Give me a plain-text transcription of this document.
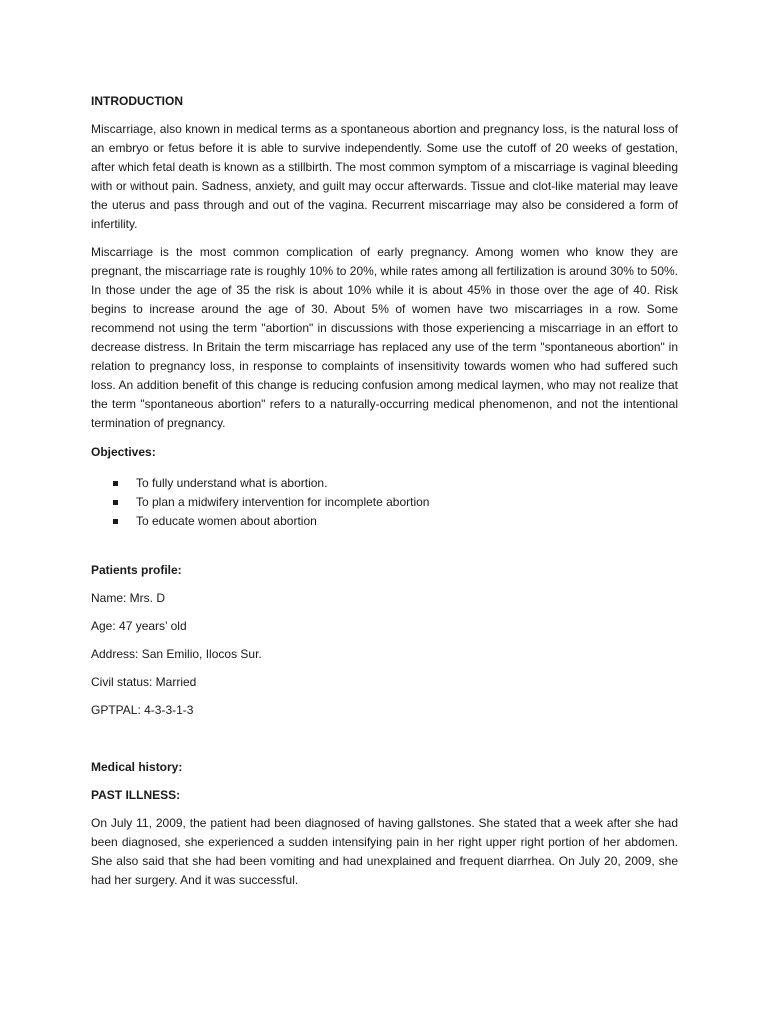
INTRODUCTION

Miscarriage, also known in medical terms as a spontaneous abortion and pregnancy loss, is the natural loss of an embryo or fetus before it is able to survive independently. Some use the cutoff of 20 weeks of gestation, after which fetal death is known as a stillbirth. The most common symptom of a miscarriage is vaginal bleeding with or without pain. Sadness, anxiety, and guilt may occur afterwards. Tissue and clot-like material may leave the uterus and pass through and out of the vagina. Recurrent miscarriage may also be considered a form of infertility.

Miscarriage is the most common complication of early pregnancy. Among women who know they are pregnant, the miscarriage rate is roughly 10% to 20%, while rates among all fertilization is around 30% to 50%. In those under the age of 35 the risk is about 10% while it is about 45% in those over the age of 40. Risk begins to increase around the age of 30. About 5% of women have two miscarriages in a row. Some recommend not using the term "abortion" in discussions with those experiencing a miscarriage in an effort to decrease distress. In Britain the term miscarriage has replaced any use of the term "spontaneous abortion" in relation to pregnancy loss, in response to complaints of insensitivity towards women who had suffered such loss. An addition benefit of this change is reducing confusion among medical laymen, who may not realize that the term "spontaneous abortion" refers to a naturally-occurring medical phenomenon, and not the intentional termination of pregnancy.

Objectives:
To fully understand what is abortion.
To plan a midwifery intervention for incomplete abortion
To educate women about abortion
Patients profile:
Name: Mrs. D
Age: 47 years’ old
Address: San Emilio, Ilocos Sur.
Civil status: Married
GPTPAL: 4-3-3-1-3
Medical history:
PAST ILLNESS:

On July 11, 2009, the patient had been diagnosed of having gallstones. She stated that a week after she had been diagnosed, she experienced a sudden intensifying pain in her right upper right portion of her abdomen. She also said that she had been vomiting and had unexplained and frequent diarrhea. On July 20, 2009, she had her surgery. And it was successful.
